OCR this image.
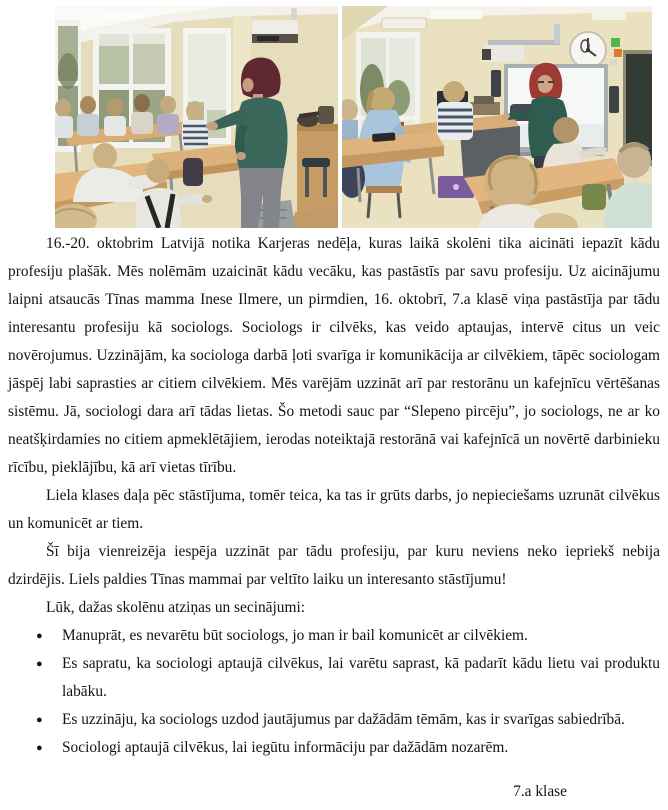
16.-20. oktobrim Latvijā notika Karjeras nedēļa, kuras laikā skolēni tika aicināti iepazīt kādu profesiju plašāk. Mēs nolēmām uzaicināt kādu vecāku, kas pastāstīs par savu profesiju. Uz aicinājumu laipni atsaucās Tīnas mamma Inese Ilmere, un pirmdien, 16. oktobrī, 7.a klasē viņa pastāstīja par tādu interesantu profesiju kā sociologs. Sociologs ir cilvēks, kas veido aptaujas, intervē citus un veic novērojumus. Uzzinājām, ka sociologa darbā ļoti svarīga ir komunikācija ar cilvēkiem, tāpēc sociologam jāspēj labi saprasties ar citiem cilvēkiem. Mēs varējām uzzināt arī par restorānu un kafejnīcu vērtēšanas sistēmu. Jā, sociologi dara arī tādas lietas. Šo metodi sauc par “Slepeno pircēju”, jo sociologs, ne ar ko neatšķirdamies no citiem apmeklētājiem, ierodas noteiktajā restorānā vai kafejnīcā un novērtē darbinieku rīcību, pieklājību, kā arī vietas tīrību.

Liela klases daļa pēc stāstījuma, tomēr teica, ka tas ir grūts darbs, jo nepieciešams uzrunāt cilvēkus un komunicēt ar tiem.

Šī bija vienreizēja iespēja uzzināt par tādu profesiju, par kuru neviens neko iepriekš nebija dzirdējis. Liels paldies Tīnas mammai par veltīto laiku un interesanto stāstījumu!

Lūk, dažas skolēnu atziņas un secinājumi:

● Manuprāt, es nevarētu būt sociologs, jo man ir bail komunicēt ar cilvēkiem.
● Es sapratu, ka sociologi aptaujā cilvēkus, lai varētu saprast, kā padarīt kādu lietu vai produktu labāku.
● Es uzzināju, ka sociologs uzdod jautājumus par dažādām tēmām, kas ir svarīgas sabiedrībā.
● Sociologi aptaujā cilvēkus, lai iegūtu informāciju par dažādām nozarēm.

7.a klase
